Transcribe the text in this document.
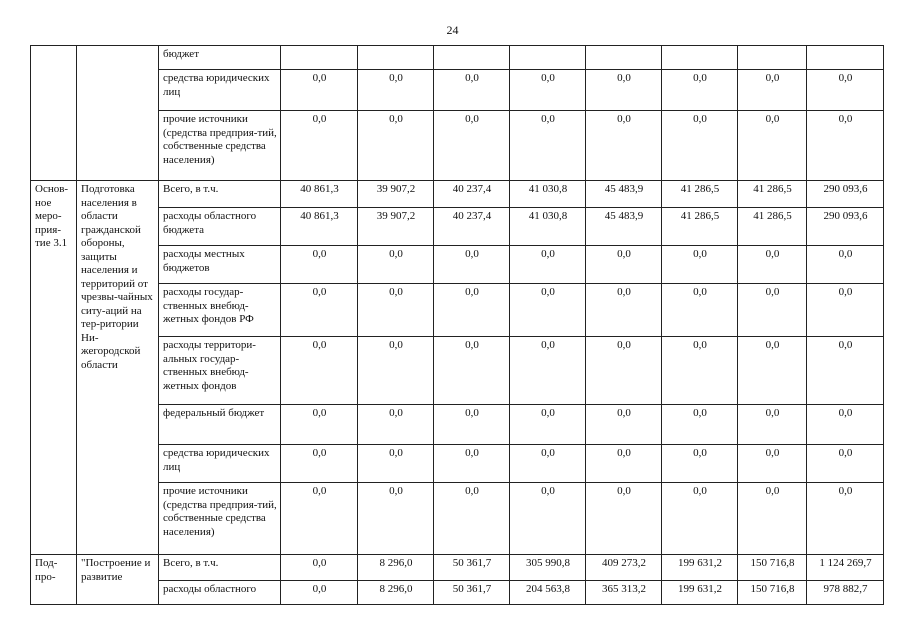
24
		бюджет								
		средства юридических лиц	0,0	0,0	0,0	0,0	0,0	0,0	0,0	0,0
		прочие источники (средства предприя-тий, собственные средства населения)	0,0	0,0	0,0	0,0	0,0	0,0	0,0	0,0
Основ-ное меро-прия-тие 3.1	Подготовка населения в области гражданской обороны, защиты населения и территорий от чрезвы-чайных ситу-аций на тер-ритории Ни-жегородской области	Всего, в т.ч.	40 861,3	39 907,2	40 237,4	41 030,8	45 483,9	41 286,5	41 286,5	290 093,6
		расходы областного бюджета	40 861,3	39 907,2	40 237,4	41 030,8	45 483,9	41 286,5	41 286,5	290 093,6
		расходы местных бюджетов	0,0	0,0	0,0	0,0	0,0	0,0	0,0	0,0
		расходы государ-ственных внебюд-жетных фондов РФ	0,0	0,0	0,0	0,0	0,0	0,0	0,0	0,0
		расходы территори-альных государ-ственных внебюд-жетных фондов	0,0	0,0	0,0	0,0	0,0	0,0	0,0	0,0
		федеральный бюджет	0,0	0,0	0,0	0,0	0,0	0,0	0,0	0,0
		средства юридических лиц	0,0	0,0	0,0	0,0	0,0	0,0	0,0	0,0
		прочие источники (средства предприя-тий, собственные средства населения)	0,0	0,0	0,0	0,0	0,0	0,0	0,0	0,0
Под-про-	"Построение и развитие	Всего, в т.ч.	0,0	8 296,0	50 361,7	305 990,8	409 273,2	199 631,2	150 716,8	1 124 269,7
		расходы областного	0,0	8 296,0	50 361,7	204 563,8	365 313,2	199 631,2	150 716,8	978 882,7
